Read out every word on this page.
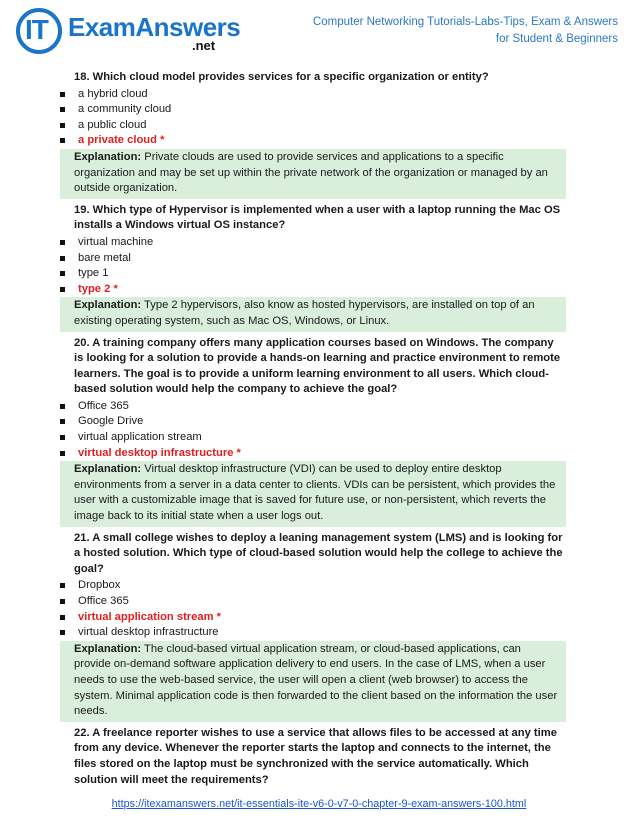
IT ExamAnswers
.net
Computer Networking Tutorials-Labs-Tips, Exam & Answers
for Student & Beginners
18. Which cloud model provides services for a specific organization or entity?
a hybrid cloud
a community cloud
a public cloud
a private cloud *
Explanation: Private clouds are used to provide services and applications to a specific organization and may be set up within the private network of the organization or managed by an outside organization.
19. Which type of Hypervisor is implemented when a user with a laptop running the Mac OS installs a Windows virtual OS instance?
virtual machine
bare metal
type 1
type 2 *
Explanation: Type 2 hypervisors, also know as hosted hypervisors, are installed on top of an existing operating system, such as Mac OS, Windows, or Linux.
20. A training company offers many application courses based on Windows. The company is looking for a solution to provide a hands-on learning and practice environment to remote learners. The goal is to provide a uniform learning environment to all users. Which cloud-based solution would help the company to achieve the goal?
Office 365
Google Drive
virtual application stream
virtual desktop infrastructure *
Explanation: Virtual desktop infrastructure (VDI) can be used to deploy entire desktop environments from a server in a data center to clients. VDIs can be persistent, which provides the user with a customizable image that is saved for future use, or non-persistent, which reverts the image back to its initial state when a user logs out.
21. A small college wishes to deploy a leaning management system (LMS) and is looking for a hosted solution. Which type of cloud-based solution would help the college to achieve the goal?
Dropbox
Office 365
virtual application stream *
virtual desktop infrastructure
Explanation: The cloud-based virtual application stream, or cloud-based applications, can provide on-demand software application delivery to end users. In the case of LMS, when a user needs to use the web-based service, the user will open a client (web browser) to access the system. Minimal application code is then forwarded to the client based on the information the user needs.
22. A freelance reporter wishes to use a service that allows files to be accessed at any time from any device. Whenever the reporter starts the laptop and connects to the internet, the files stored on the laptop must be synchronized with the service automatically. Which solution will meet the requirements?
https://itexamanswers.net/it-essentials-ite-v6-0-v7-0-chapter-9-exam-answers-100.html
